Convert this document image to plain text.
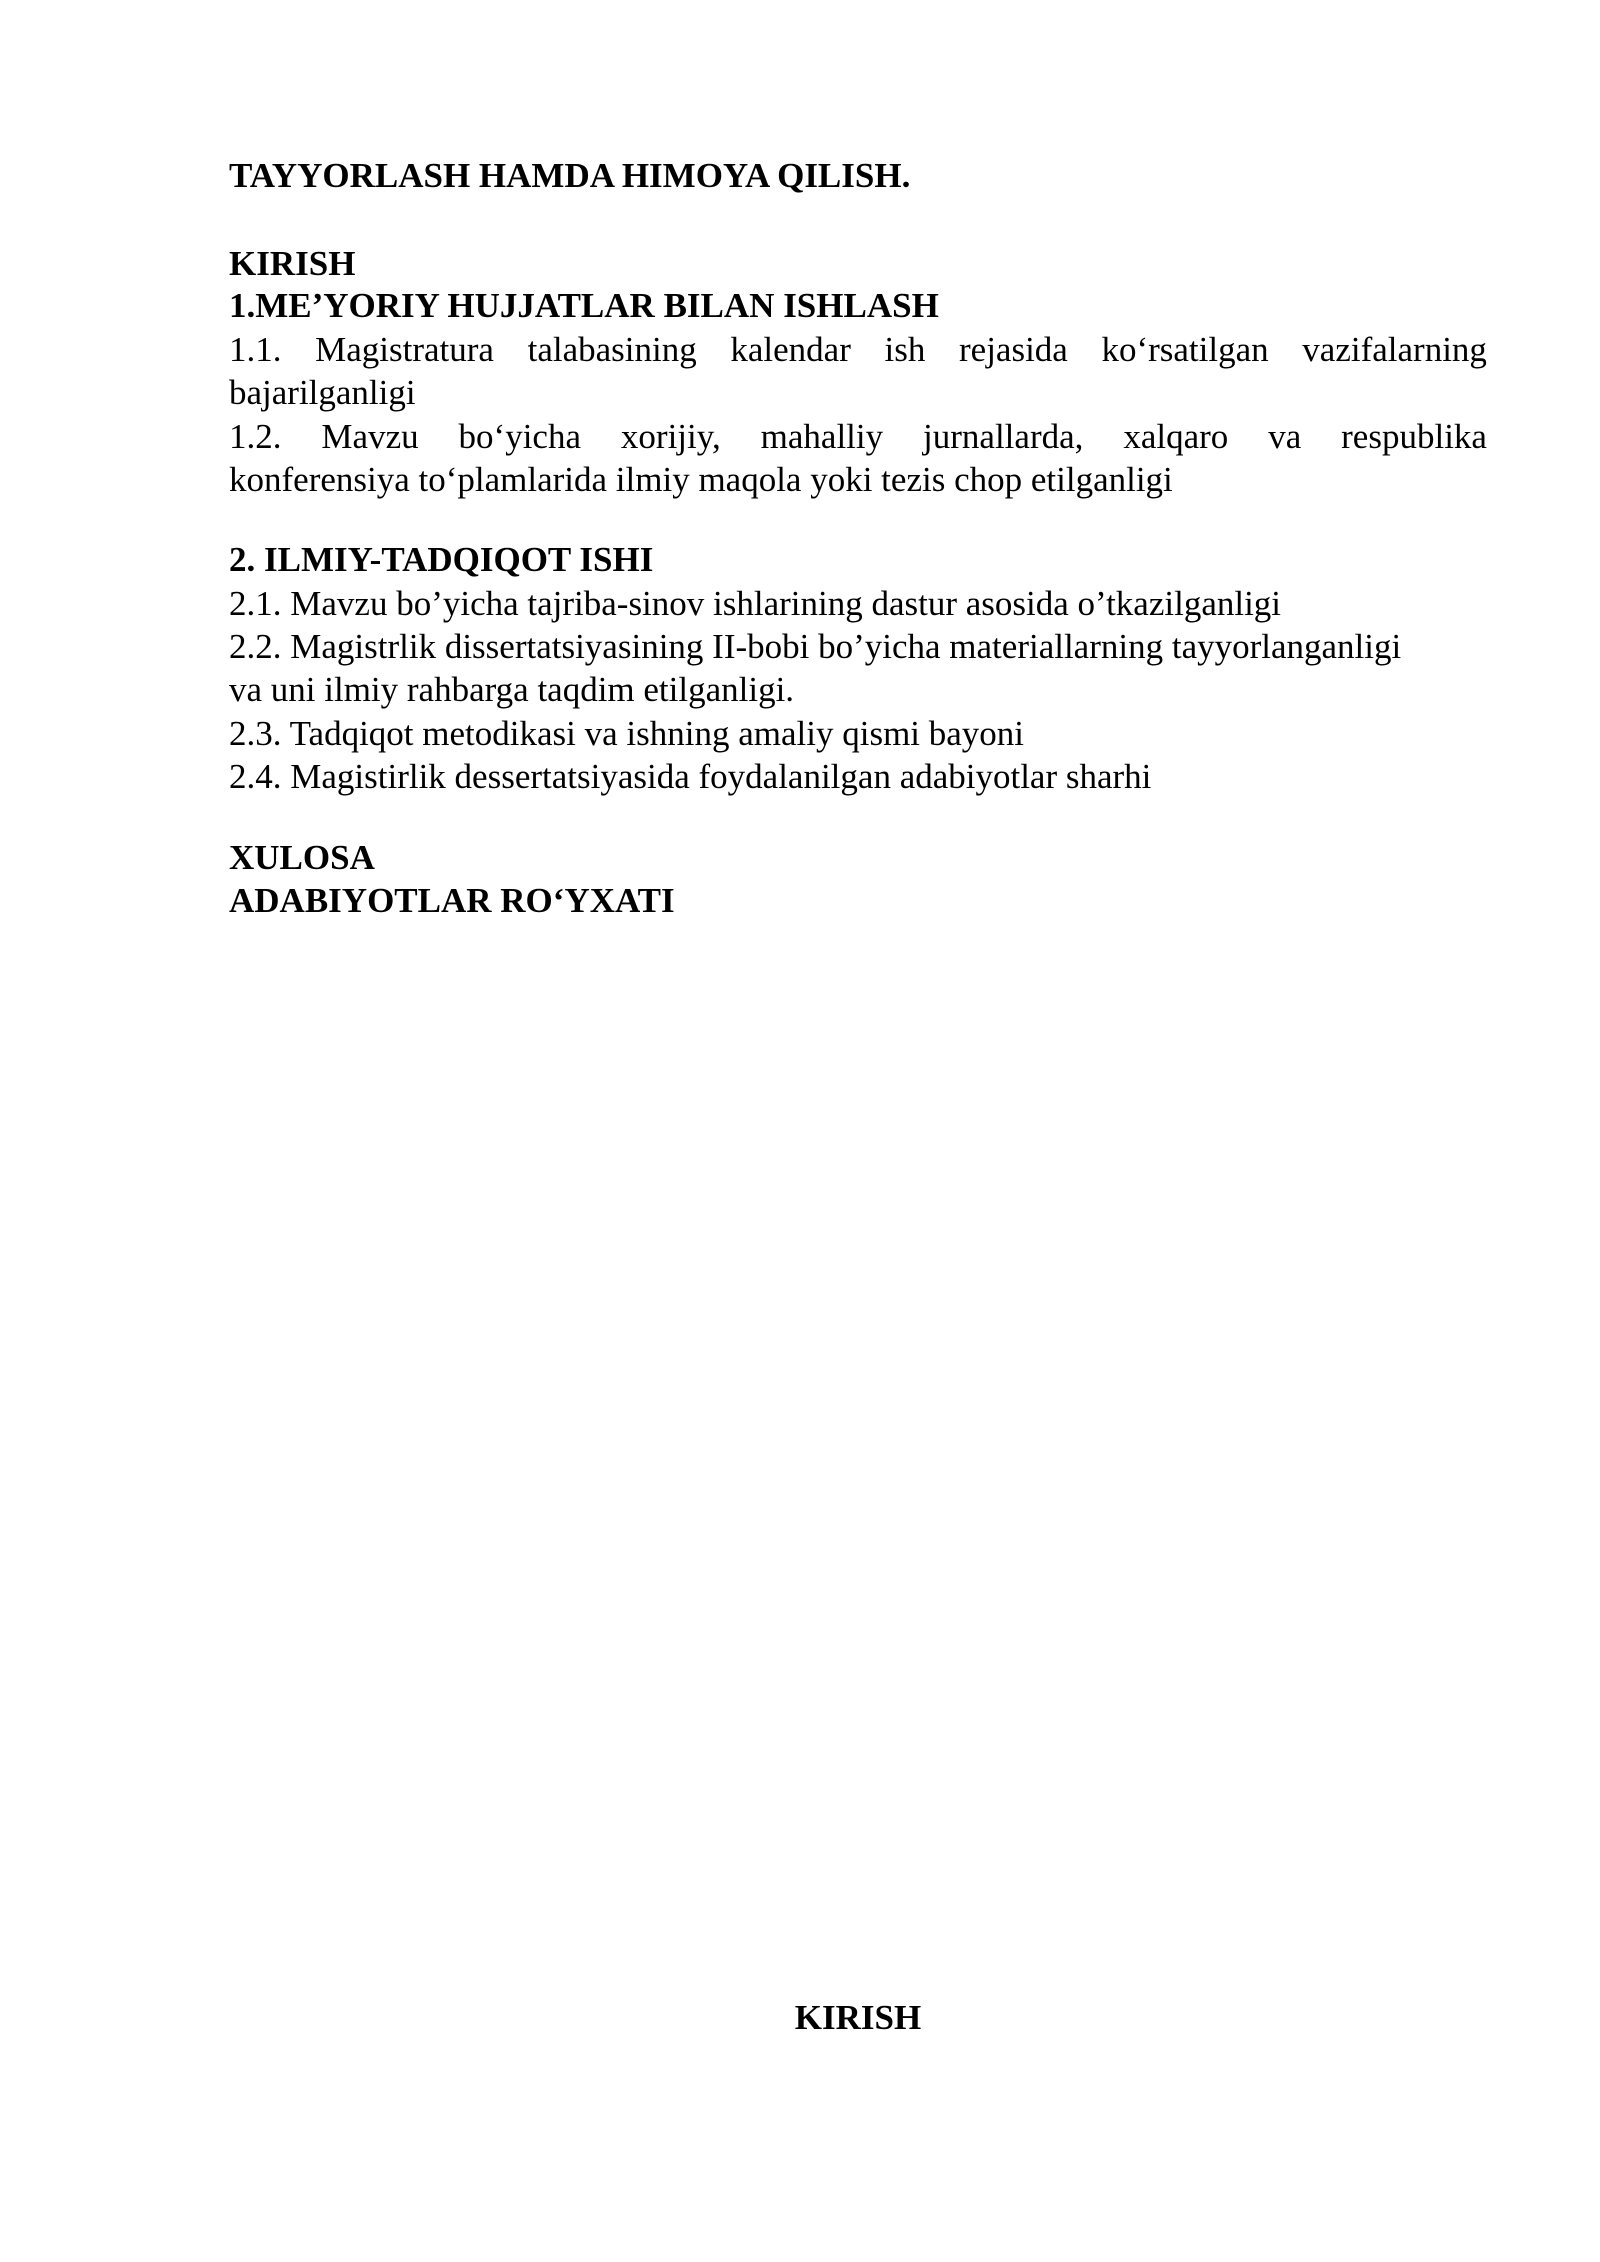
TAYYORLASH HAMDA HIMOYA QILISH.
KIRISH
1.ME’YORIY HUJJATLAR BILAN ISHLASH
1.1. Magistratura talabasining kalendar ish rejasida ko‘rsatilgan vazifalarning
bajarilganligi
1.2. Mavzu bo‘yicha xorijiy, mahalliy jurnallarda, xalqaro va respublika
konferensiya to‘plamlarida ilmiy maqola yoki tezis chop etilganligi
2. ILMIY-TADQIQOT ISHI
2.1. Mavzu bo’yicha tajriba-sinov ishlarining dastur asosida o’tkazilganligi
2.2. Magistrlik dissertatsiyasining II-bobi bo’yicha materiallarning tayyorlanganligi
va uni ilmiy rahbarga taqdim etilganligi.
2.3. Tadqiqot metodikasi va ishning amaliy qismi bayoni
2.4. Magistirlik dessertatsiyasida foydalanilgan adabiyotlar sharhi
XULOSA
ADABIYOTLAR RO‘YXATI
KIRISH
